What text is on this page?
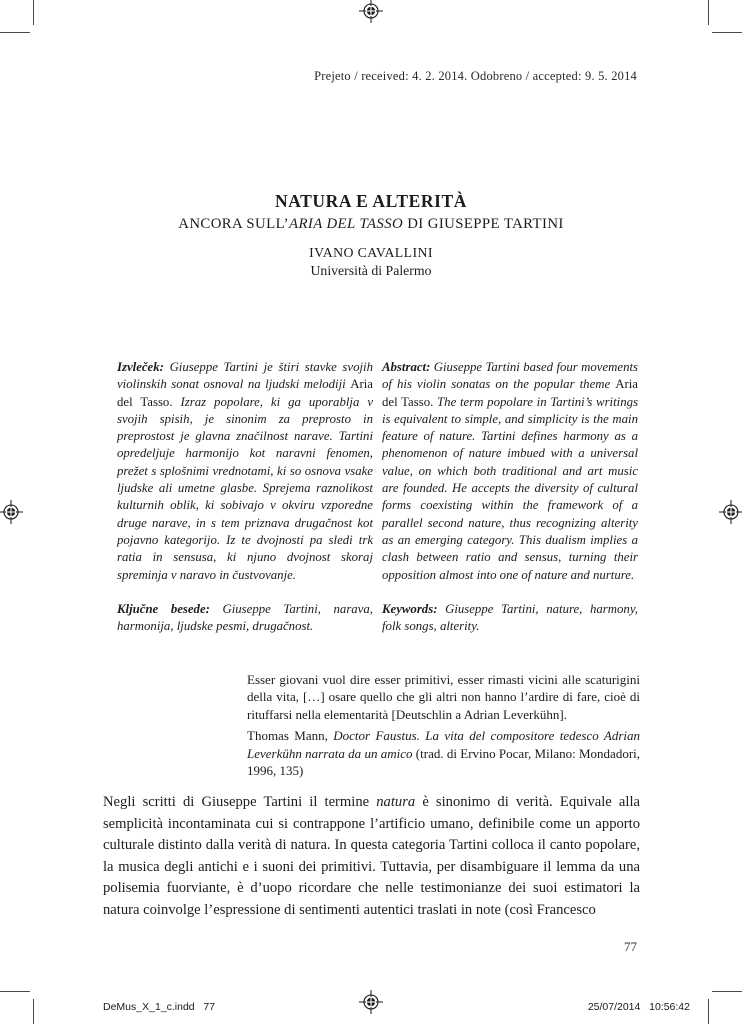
Prejeto / received: 4. 2. 2014. Odobreno / accepted: 9. 5. 2014
NATURA E ALTERITÀ
ANCORA SULL’ARIA DEL TASSO DI GIUSEPPE TARTINI
IVANO CAVALLINI
Università di Palermo
Izvleček: Giuseppe Tartini je štiri stavke svojih violinskih sonat osnoval na ljudski melodiji Aria del Tasso. Izraz popolare, ki ga uporablja v svojih spisih, je sinonim za preprosto in preprostost je glavna značilnost narave. Tartini opredeljuje harmonijo kot naravni fenomen, prežet s splošnimi vrednotami, ki so osnova vsake ljudske ali umetne glasbe. Sprejema raznolikost kulturnih oblik, ki sobivajo v okviru vzporedne druge narave, in s tem priznava drugačnost kot pojavno kategorijo. Iz te dvojnosti pa sledi trk ratia in sensusa, ki njuno dvojnost skoraj spreminja v naravo in čustvovanje.
Ključne besede: Giuseppe Tartini, narava, harmonija, ljudske pesmi, drugačnost.
Abstract: Giuseppe Tartini based four movements of his violin sonatas on the popular theme Aria del Tasso. The term popolare in Tartini’s writings is equivalent to simple, and simplicity is the main feature of nature. Tartini defines harmony as a phenomenon of nature imbued with a universal value, on which both traditional and art music are founded. He accepts the diversity of cultural forms coexisting within the framework of a parallel second nature, thus recognizing alterity as an emerging category. This dualism implies a clash between ratio and sensus, turning their opposition almost into one of nature and nurture.
Keywords: Giuseppe Tartini, nature, harmony, folk songs, alterity.
Esser giovani vuol dire esser primitivi, esser rimasti vicini alle scaturigini della vita, […] osare quello che gli altri non hanno l’ardire di fare, cioè di rituffarsi nella elementarità [Deutschlin a Adrian Leverkühn].
Thomas Mann, Doctor Faustus. La vita del compositore tedesco Adrian Leverkühn narrata da un amico (trad. di Ervino Pocar, Milano: Mondadori, 1996, 135)
Negli scritti di Giuseppe Tartini il termine natura è sinonimo di verità. Equivale alla semplicità incontaminata cui si contrappone l’artificio umano, definibile come un apporto culturale distinto dalla verità di natura. In questa categoria Tartini colloca il canto popolare, la musica degli antichi e i suoni dei primitivi. Tuttavia, per disambiguare il lemma da una polisemia fuorviante, è d’uopo ricordare che nelle testimonianze dei suoi estimatori la natura coinvolge l’espressione di sentimenti autentici traslati in note (così Francesco
77
DeMus_X_1_c.indd   77	25/07/2014   10:56:42
